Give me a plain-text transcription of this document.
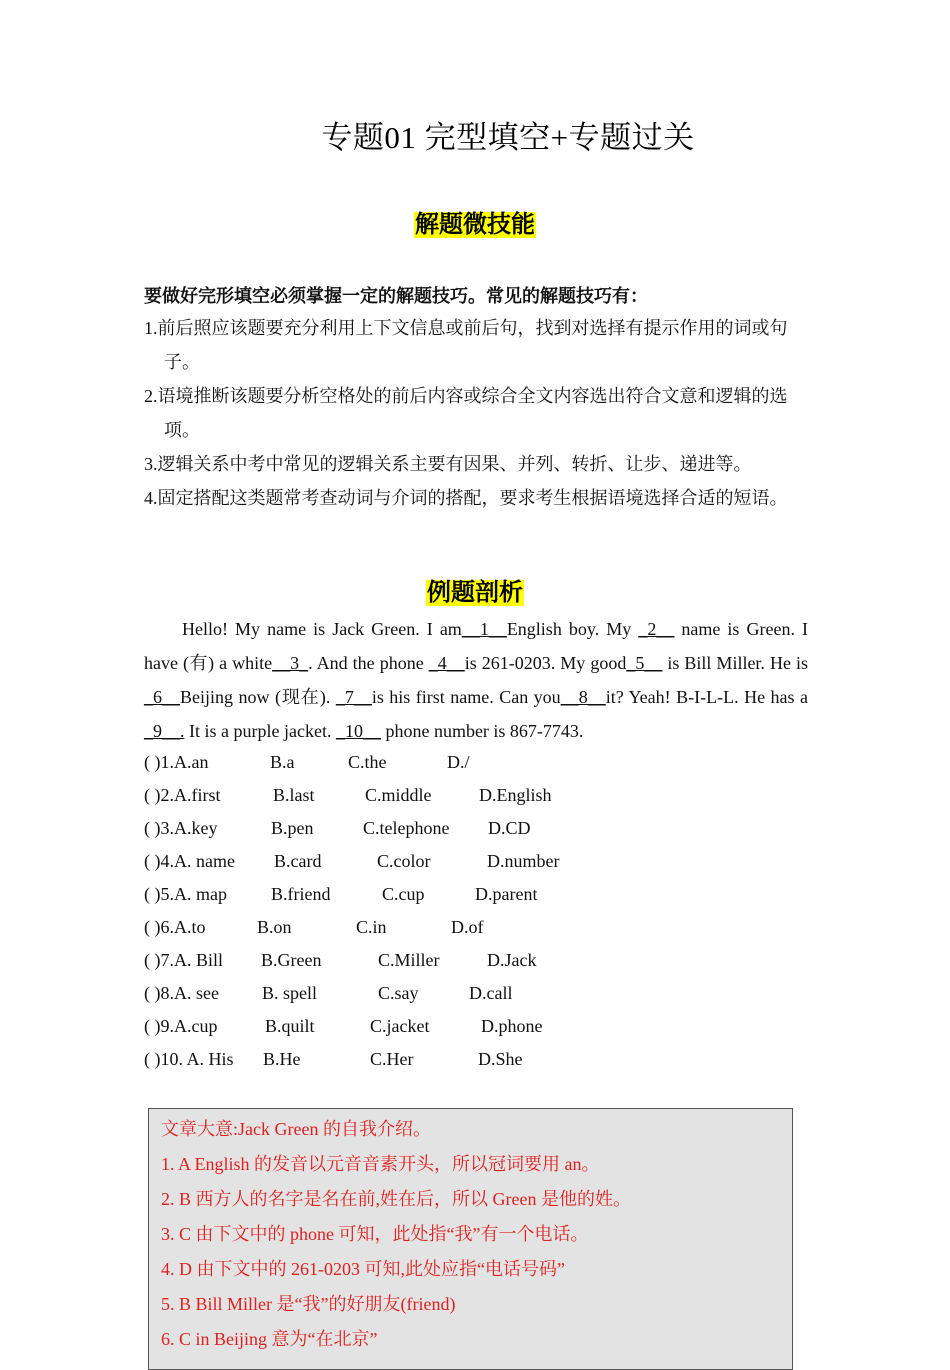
专题01 完型填空+专题过关
解题微技能
要做好完形填空必须掌握一定的解题技巧。常见的解题技巧有：

1.前后照应该题要充分利用上下文信息或前后句，找到对选择有提示作用的词或句子。

2.语境推断该题要分析空格处的前后内容或综合全文内容选出符合文意和逻辑的选项。

3.逻辑关系中考中常见的逻辑关系主要有因果、并列、转折、让步、递进等。

4.固定搭配这类题常考查动词与介词的搭配，要求考生根据语境选择合适的短语。

例题剖析

Hello! My name is Jack Green. I am__1__English boy. My _2__ name is Green. I have (有) a white__3_. And the phone _4__is 261-0203. My good_5__ is Bill Miller. He is _6__Beijing now (现在). _7__is his first name. Can you__8__it? Yeah! B-I-L-L. He has a _9__. It is a purple jacket. _10__ phone number is 867-7743.

( )1.A.an	B.a	C.the	D./
( )2.A.first	B.last	C.middle	D.English
( )3.A.key	B.pen	C.telephone D.CD
( )4.A. name B.card	C.color	D.number
( )5.A. map B.friend	C.cup	D.parent
( )6.A.to	B.on	C.in	D.of
( )7.A. Bill B.Green	C.Miller	D.Jack
( )8.A. see B. spell	C.say	D.call
( )9.A.cup	B.quilt	C.jacket	D.phone
( )10. A. His B.He	C.Her	D.She

文章大意:Jack Green 的自我介绍。

1. A English 的发音以元音音素开头，所以冠词要用 an。

2. B 西方人的名字是名在前,姓在后，所以 Green 是他的姓。

3. C 由下文中的 phone 可知，此处指“我”有一个电话。

4. D 由下文中的 261-0203 可知,此处应指“电话号码”

5. B Bill Miller 是“我”的好朋友(friend)

6. C in Beijing 意为“在北京”
